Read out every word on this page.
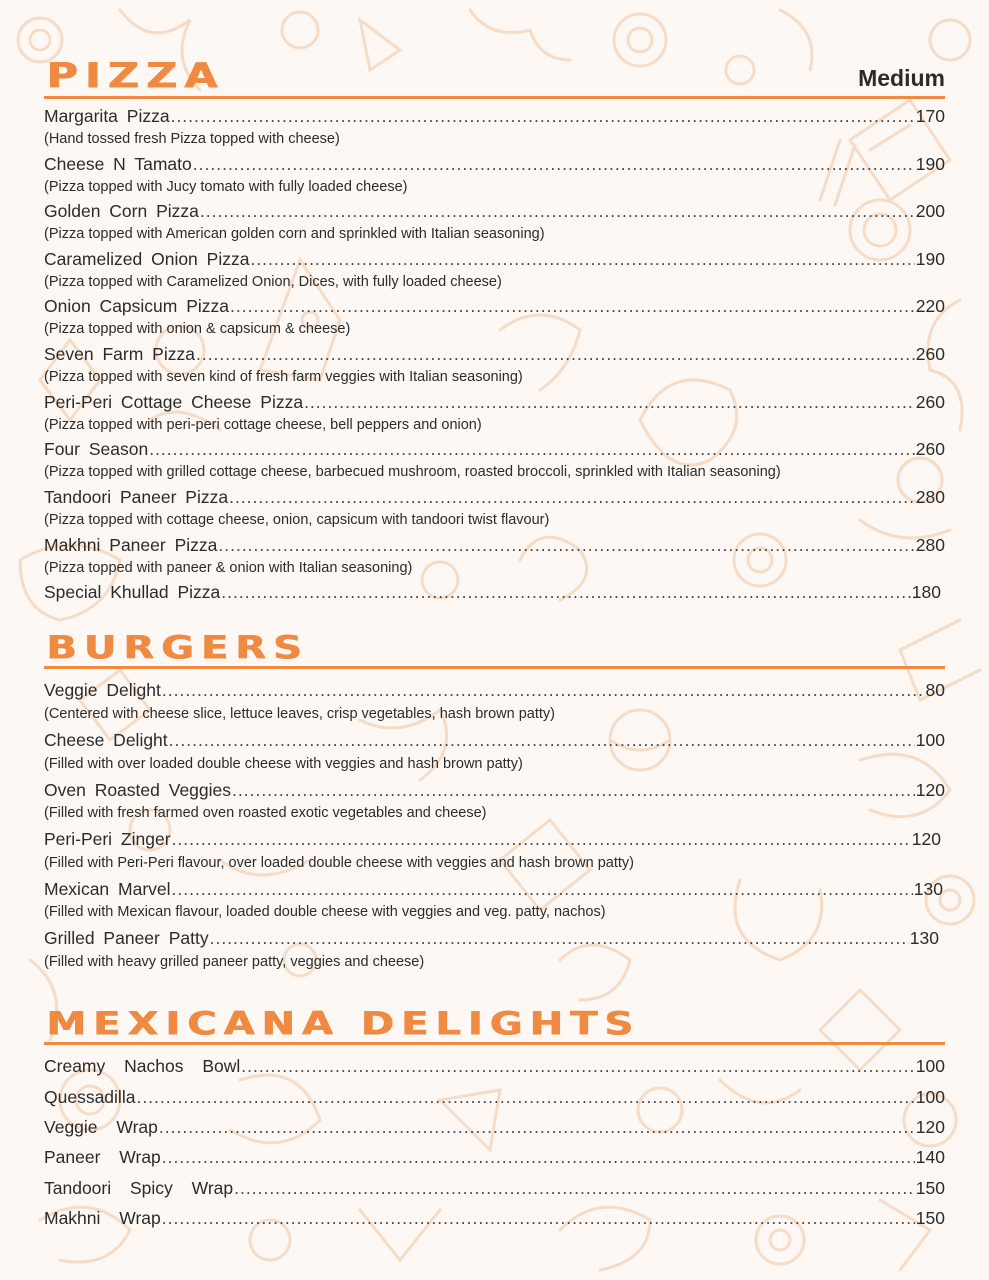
PIZZA	Medium
Margarita Pizza .....	170
(Hand tossed fresh Pizza topped with cheese)
Cheese N Tamato .....	190
(Pizza topped with Jucy tomato with fully loaded cheese)
Golden Corn Pizza .....	200
(Pizza topped with American golden corn and sprinkled with Italian seasoning)
Caramelized Onion Pizza .....	190
(Pizza topped with Caramelized Onion, Dices, with fully loaded cheese)
Onion Capsicum Pizza .....	220
(Pizza topped with onion & capsicum & cheese)
Seven Farm Pizza .....	260
(Pizza topped with seven kind of fresh farm veggies with Italian seasoning)
Peri-Peri Cottage Cheese Pizza .....	260
(Pizza topped with peri-peri cottage cheese, bell peppers and onion)
Four Season .....	260
(Pizza topped with grilled cottage cheese, barbecued mushroom, roasted broccoli, sprinkled with Italian seasoning)
Tandoori Paneer Pizza .....	280
(Pizza topped with cottage cheese, onion, capsicum with tandoori twist flavour)
Makhni Paneer Pizza .....	280
(Pizza topped with paneer & onion with Italian seasoning)
Special Khullad Pizza .....	180
BURGERS
Veggie Delight .....	80
(Centered with cheese slice, lettuce leaves, crisp vegetables, hash brown patty)
Cheese Delight .....	100
(Filled with over loaded double cheese with veggies and hash brown patty)
Oven Roasted Veggies .....	120
(Filled with fresh farmed oven roasted exotic vegetables and cheese)
Peri-Peri Zinger .....	120
(Filled with Peri-Peri flavour, over loaded double cheese with veggies and hash brown patty)
Mexican Marvel .....	130
(Filled with Mexican flavour, loaded double cheese with veggies and veg. patty, nachos)
Grilled Paneer Patty .....	130
(Filled with heavy grilled paneer patty, veggies and cheese)
MEXICANA DELIGHTS
Creamy Nachos Bowl .....	100
Quessadilla .....	100
Veggie Wrap .....	120
Paneer Wrap .....	140
Tandoori Spicy Wrap .....	150
Makhni Wrap .....	150
